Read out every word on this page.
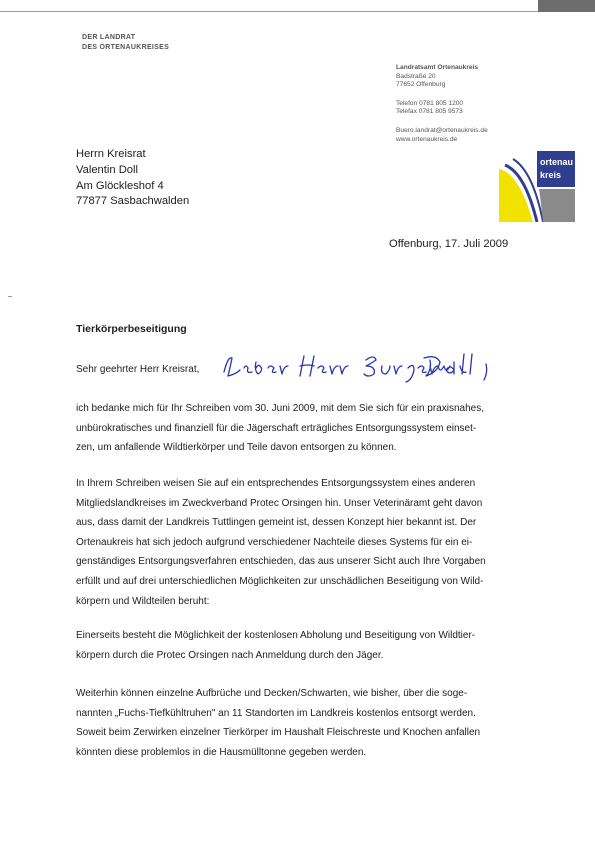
DER LANDRAT
DES ORTENAUKREISES
Landratsamt Ortenaukreis
Badstraße 20
77652 Offenburg
Telefon 0781 805 1200
Telefax 0781 805 9573
Buero.landrat@ortenaukreis.de
www.ortenaukreis.de
ortenau
kreis
Herrn Kreisrat
Valentin Doll
Am Glöckleshof 4
77877 Sasbachwalden
Offenburg, 17. Juli 2009
Tierkörperbeseitigung
Sehr geehrter Herr Kreisrat,
ich bedanke mich für Ihr Schreiben vom 30. Juni 2009, mit dem Sie sich für ein praxisnahes,
unbürokratisches und finanziell für die Jägerschaft erträgliches Entsorgungssystem einset-
zen, um anfallende Wildtierkörper und Teile davon entsorgen zu können.
In Ihrem Schreiben weisen Sie auf ein entsprechendes Entsorgungssystem eines anderen
Mitgliedslandkreises im Zweckverband Protec Orsingen hin. Unser Veterinäramt geht davon
aus, dass damit der Landkreis Tuttlingen gemeint ist, dessen Konzept hier bekannt ist. Der
Ortenaukreis hat sich jedoch aufgrund verschiedener Nachteile dieses Systems für ein ei-
genständiges Entsorgungsverfahren entschieden, das aus unserer Sicht auch Ihre Vorgaben
erfüllt und auf drei unterschiedlichen Möglichkeiten zur unschädlichen Beseitigung von Wild-
körpern und Wildteilen beruht:
Einerseits besteht die Möglichkeit der kostenlosen Abholung und Beseitigung von Wildtier-
körpern durch die Protec Orsingen nach Anmeldung durch den Jäger.
Weiterhin können einzelne Aufbrüche und Decken/Schwarten, wie bisher, über die soge-
nannten „Fuchs-Tiefkühltruhen" an 11 Standorten im Landkreis kostenlos entsorgt werden.
Soweit beim Zerwirken einzelner Tierkörper im Haushalt Fleischreste und Knochen anfallen
könnten diese problemlos in die Hausmülltonne gegeben werden.
